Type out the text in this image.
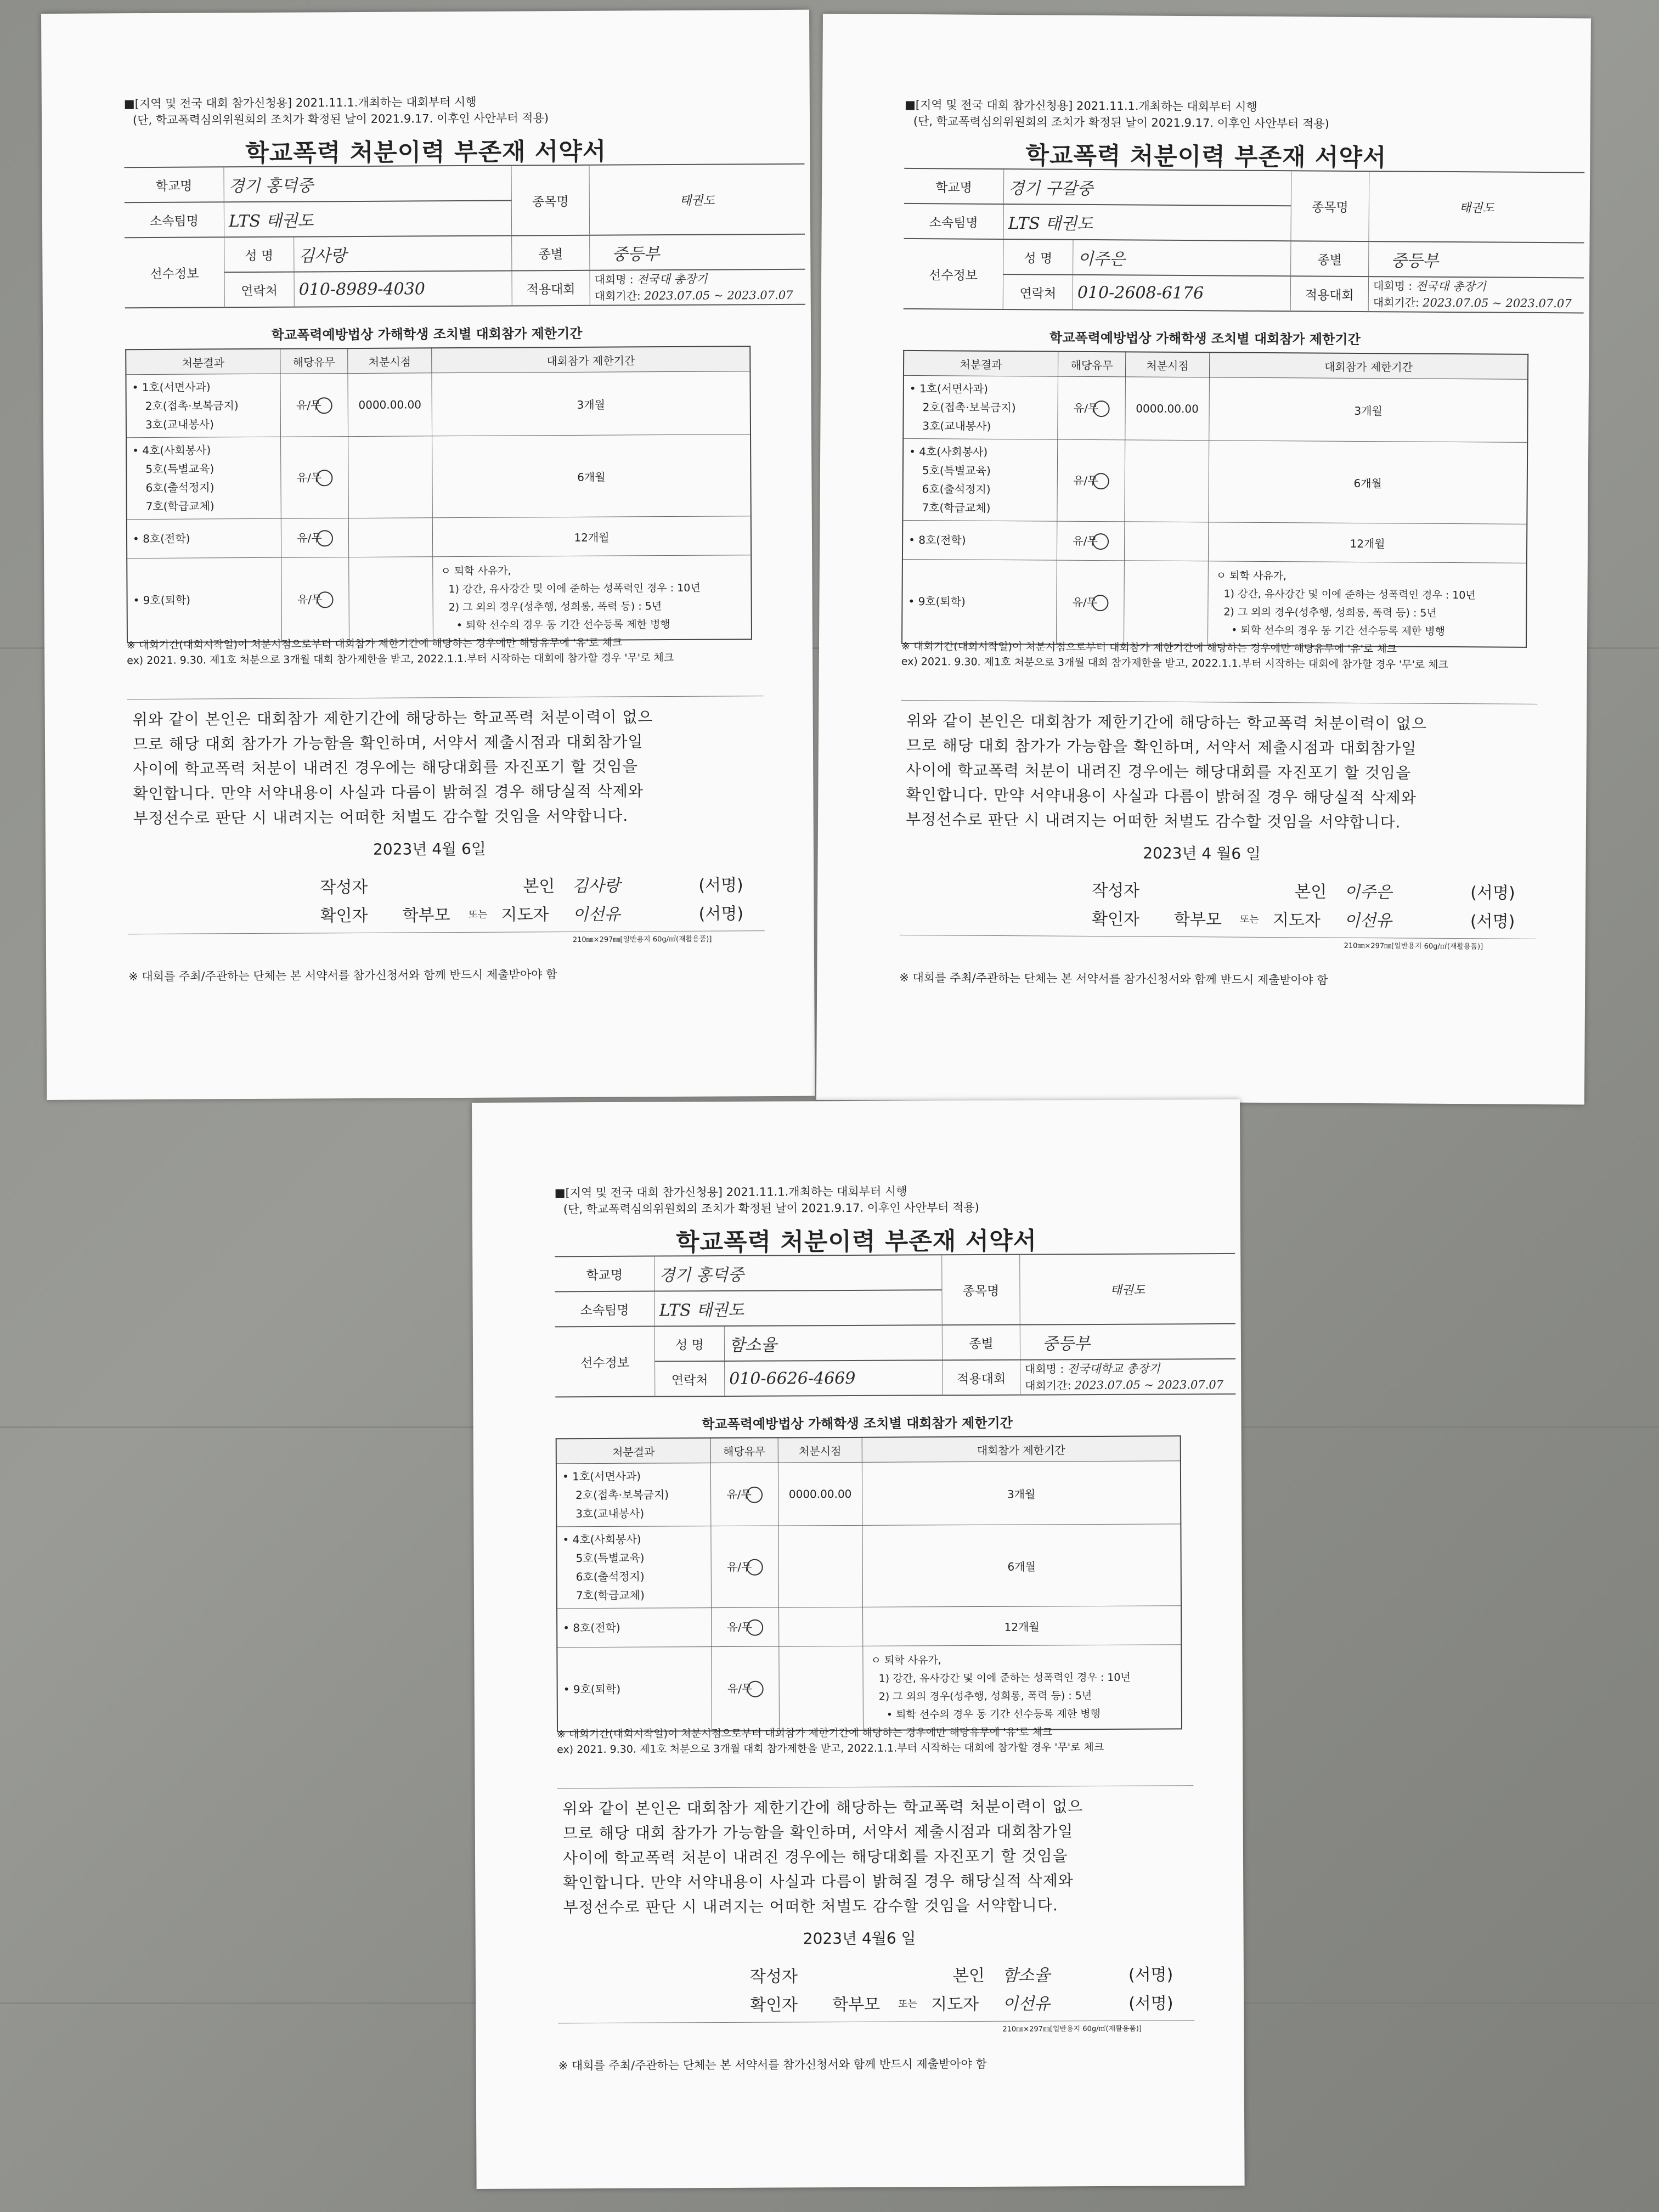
■[지역 및 전국 대회 참가신청용] 2021.11.1.개최하는 대회부터 시행
(단, 학교폭력심의위원회의 조치가 확정된 날이 2021.9.17. 이후인 사안부터 적용)
학교폭력 처분이력 부존재 서약서
학교명	경기 홍덕중		종목명	태권도
소속팀명	LTS 태권도			
선수정보	성 명	김사랑	종별	중등부
	연락처	010-8989-4030	적용대회	대회명 : 전국대 총장기
대회기간: 2023.07.05 ~ 2023.07.07
학교폭력예방법상 가해학생 조치별 대회참가 제한기간
처분결과	해당유무	처분시점	대회참가 제한기간

• 1호(서면사과)
2호(접촉·보복금지)
3호(교내봉사)	유/무	0000.00.00	3개월

• 4호(사회봉사)
5호(특별교육)
6호(출석정지)
7호(학급교체)	유/무		6개월

• 8호(전학)	유/무		12개월

• 9호(퇴학)	유/무		ㅇ 퇴학 사유가,
1) 강간, 유사강간 및 이에 준하는 성폭력인 경우 : 10년
2) 그 외의 경우(성추행, 성희롱, 폭력 등) : 5년
• 퇴학 선수의 경우 동 기간 선수등록 제한 병행
※ 대회기간(대회시작일)이 처분시점으로부터 대회참가 제한기간에 해당하는 경우에만 해당유무에 '유'로 체크
ex) 2021. 9.30. 제1호 처분으로 3개월 대회 참가제한을 받고, 2022.1.1.부터 시작하는 대회에 참가할 경우 '무'로 체크
위와 같이 본인은 대회참가 제한기간에 해당하는 학교폭력 처분이력이 없으
므로 해당 대회 참가가 가능함을 확인하며, 서약서 제출시점과 대회참가일
사이에 학교폭력 처분이 내려진 경우에는 해당대회를 자진포기 할 것임을
확인합니다. 만약 서약내용이 사실과 다름이 밝혀질 경우 해당실적 삭제와
부정선수로 판단 시 내려지는 어떠한 처벌도 감수할 것임을 서약합니다.
2023년 4월 6일
작성자	본인 김사랑	(서명)
확인자 학부모 또는 지도자 이선유	(서명)
210㎜×297㎜[일반용지 60g/㎡(재활용품)]
※ 대회를 주최/주관하는 단체는 본 서약서를 참가신청서와 함께 반드시 제출받아야 함
■[지역 및 전국 대회 참가신청용] 2021.11.1.개최하는 대회부터 시행
(단, 학교폭력심의위원회의 조치가 확정된 날이 2021.9.17. 이후인 사안부터 적용)
학교폭력 처분이력 부존재 서약서
학교명	경기 구갈중		종목명	태권도
소속팀명	LTS 태권도			
선수정보	성 명	이주은	종별	중등부
	연락처	010-2608-6176	적용대회	대회명 : 전국대 총장기
대회기간: 2023.07.05 ~ 2023.07.07
학교폭력예방법상 가해학생 조치별 대회참가 제한기간
처분결과	해당유무	처분시점	대회참가 제한기간

• 1호(서면사과)
2호(접촉·보복금지)
3호(교내봉사)	유/무	0000.00.00	3개월

• 4호(사회봉사)
5호(특별교육)
6호(출석정지)
7호(학급교체)	유/무		6개월

• 8호(전학)	유/무		12개월

• 9호(퇴학)	유/무		ㅇ 퇴학 사유가,
1) 강간, 유사강간 및 이에 준하는 성폭력인 경우 : 10년
2) 그 외의 경우(성추행, 성희롱, 폭력 등) : 5년
• 퇴학 선수의 경우 동 기간 선수등록 제한 병행
※ 대회기간(대회시작일)이 처분시점으로부터 대회참가 제한기간에 해당하는 경우에만 해당유무에 '유'로 체크
ex) 2021. 9.30. 제1호 처분으로 3개월 대회 참가제한을 받고, 2022.1.1.부터 시작하는 대회에 참가할 경우 '무'로 체크
위와 같이 본인은 대회참가 제한기간에 해당하는 학교폭력 처분이력이 없으
므로 해당 대회 참가가 가능함을 확인하며, 서약서 제출시점과 대회참가일
사이에 학교폭력 처분이 내려진 경우에는 해당대회를 자진포기 할 것임을
확인합니다. 만약 서약내용이 사실과 다름이 밝혀질 경우 해당실적 삭제와
부정선수로 판단 시 내려지는 어떠한 처벌도 감수할 것임을 서약합니다.
2023년 4 월6 일
작성자	본인 이주은	(서명)
확인자 학부모 또는 지도자 이선유	(서명)
210㎜×297㎜[일반용지 60g/㎡(재활용품)]
※ 대회를 주최/주관하는 단체는 본 서약서를 참가신청서와 함께 반드시 제출받아야 함
■[지역 및 전국 대회 참가신청용] 2021.11.1.개최하는 대회부터 시행
(단, 학교폭력심의위원회의 조치가 확정된 날이 2021.9.17. 이후인 사안부터 적용)
학교폭력 처분이력 부존재 서약서
학교명	경기 홍덕중		종목명	태권도
소속팀명	LTS 태권도			
선수정보	성 명	함소율	종별	중등부
	연락처	010-6626-4669	적용대회	대회명 : 전국대학교 총장기
대회기간: 2023.07.05 ~ 2023.07.07
학교폭력예방법상 가해학생 조치별 대회참가 제한기간
처분결과	해당유무	처분시점	대회참가 제한기간

• 1호(서면사과)
2호(접촉·보복금지)
3호(교내봉사)	유/무	0000.00.00	3개월

• 4호(사회봉사)
5호(특별교육)
6호(출석정지)
7호(학급교체)	유/무		6개월

• 8호(전학)	유/무		12개월

• 9호(퇴학)	유/무		ㅇ 퇴학 사유가,
1) 강간, 유사강간 및 이에 준하는 성폭력인 경우 : 10년
2) 그 외의 경우(성추행, 성희롱, 폭력 등) : 5년
• 퇴학 선수의 경우 동 기간 선수등록 제한 병행
※ 대회기간(대회시작일)이 처분시점으로부터 대회참가 제한기간에 해당하는 경우에만 해당유무에 '유'로 체크
ex) 2021. 9.30. 제1호 처분으로 3개월 대회 참가제한을 받고, 2022.1.1.부터 시작하는 대회에 참가할 경우 '무'로 체크
위와 같이 본인은 대회참가 제한기간에 해당하는 학교폭력 처분이력이 없으
므로 해당 대회 참가가 가능함을 확인하며, 서약서 제출시점과 대회참가일
사이에 학교폭력 처분이 내려진 경우에는 해당대회를 자진포기 할 것임을
확인합니다. 만약 서약내용이 사실과 다름이 밝혀질 경우 해당실적 삭제와
부정선수로 판단 시 내려지는 어떠한 처벌도 감수할 것임을 서약합니다.
2023년 4월6 일
작성자	본인 함소율	(서명)
확인자 학부모 또는 지도자 이선유	(서명)
210㎜×297㎜[일반용지 60g/㎡(재활용품)]
※ 대회를 주최/주관하는 단체는 본 서약서를 참가신청서와 함께 반드시 제출받아야 함
